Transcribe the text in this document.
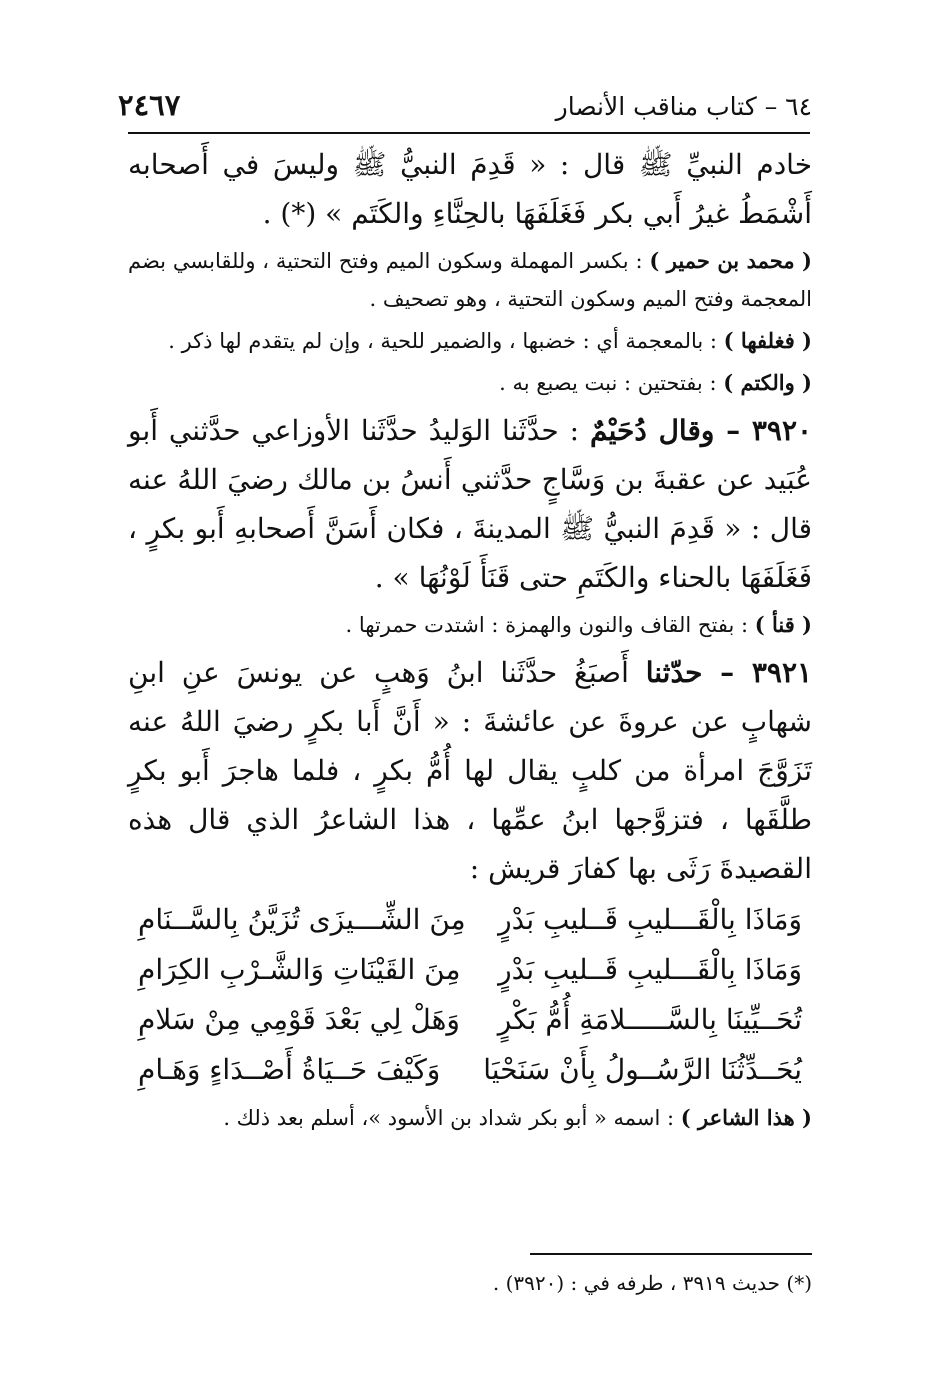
٦٤ – كتاب مناقب الأنصار
٢٤٦٧

خادم النبيِّ ﷺ قال : « قَدِمَ النبيُّ ﷺ وليسَ في أَصحابه أَشْمَطُ غيرُ أَبي بكر فَغَلَفَهَا بالحِنَّاءِ والكَتَم » (*) .

( محمد بن حمير ) : بكسر المهملة وسكون الميم وفتح التحتية ، وللقابسي بضم المعجمة وفتح الميم وسكون التحتية ، وهو تصحيف .

( فغلفها ) : بالمعجمة أي : خضبها ، والضمير للحية ، وإن لم يتقدم لها ذكر .

( والكتم ) : بفتحتين : نبت يصبع به .

٣٩٢٠ – وقال دُحَيْمٌ : حدَّثَنا الوَليدُ حدَّثَنا الأوزاعي حدَّثني أَبو عُبَيد عن عقبةَ بن وَسَّاجٍ حدَّثني أَنسُ بن مالك رضيَ اللهُ عنه قال : « قَدِمَ النبيُّ ﷺ المدينةَ ، فكان أَسَنَّ أَصحابهِ أَبو بكرٍ ، فَغَلَفَهَا بالحناء والكَتَمِ حتى قَنَأَ لَوْنُهَا » .

( قنأ ) : بفتح القاف والنون والهمزة : اشتدت حمرتها .

٣٩٢١ – حدّثنا أَصبَغُ حدَّثَنا ابنُ وَهبٍ عن يونسَ عنِ ابنِ شهابٍ عن عروةَ عن عائشةَ : « أَنَّ أَبا بكرٍ رضيَ اللهُ عنه تَزَوَّجَ امرأة من كلبٍ يقال لها أُمُّ بكرٍ ، فلما هاجرَ أَبو بكرٍ طلَّقَها ، فتزوَّجها ابنُ عمِّها ، هذا الشاعرُ الذي قال هذه القصيدةَ رَثَى بها كفارَ قريش :

وَمَاذَا بِالْقَـــليبِ قَــليبِ بَدْرٍ
مِنَ الشِّـــيزَى تُزَيَّنُ بِالسَّــنَامِ
وَمَاذَا بِالْقَـــليبِ قَــليبِ بَدْرٍ
مِنَ القَيْنَاتِ وَالشَّـرْبِ الكِرَامِ
تُحَــيِّينَا بِالسَّـــــلامَةِ أُمُّ بَكْرٍ
وَهَلْ لِي بَعْدَ قَوْمِي مِنْ سَلامِ
يُحَــدِّثُنَا الرَّسُــولُ بِأَنْ سَنَحْيَا
وَكَيْفَ حَــيَاةُ أَصْــدَاءٍ وَهَـامِ

( هذا الشاعر ) : اسمه « أبو بكر شداد بن الأسود »، أسلم بعد ذلك .

(*) حديث ٣٩١٩ ، طرفه في : (٣٩٢٠) .
